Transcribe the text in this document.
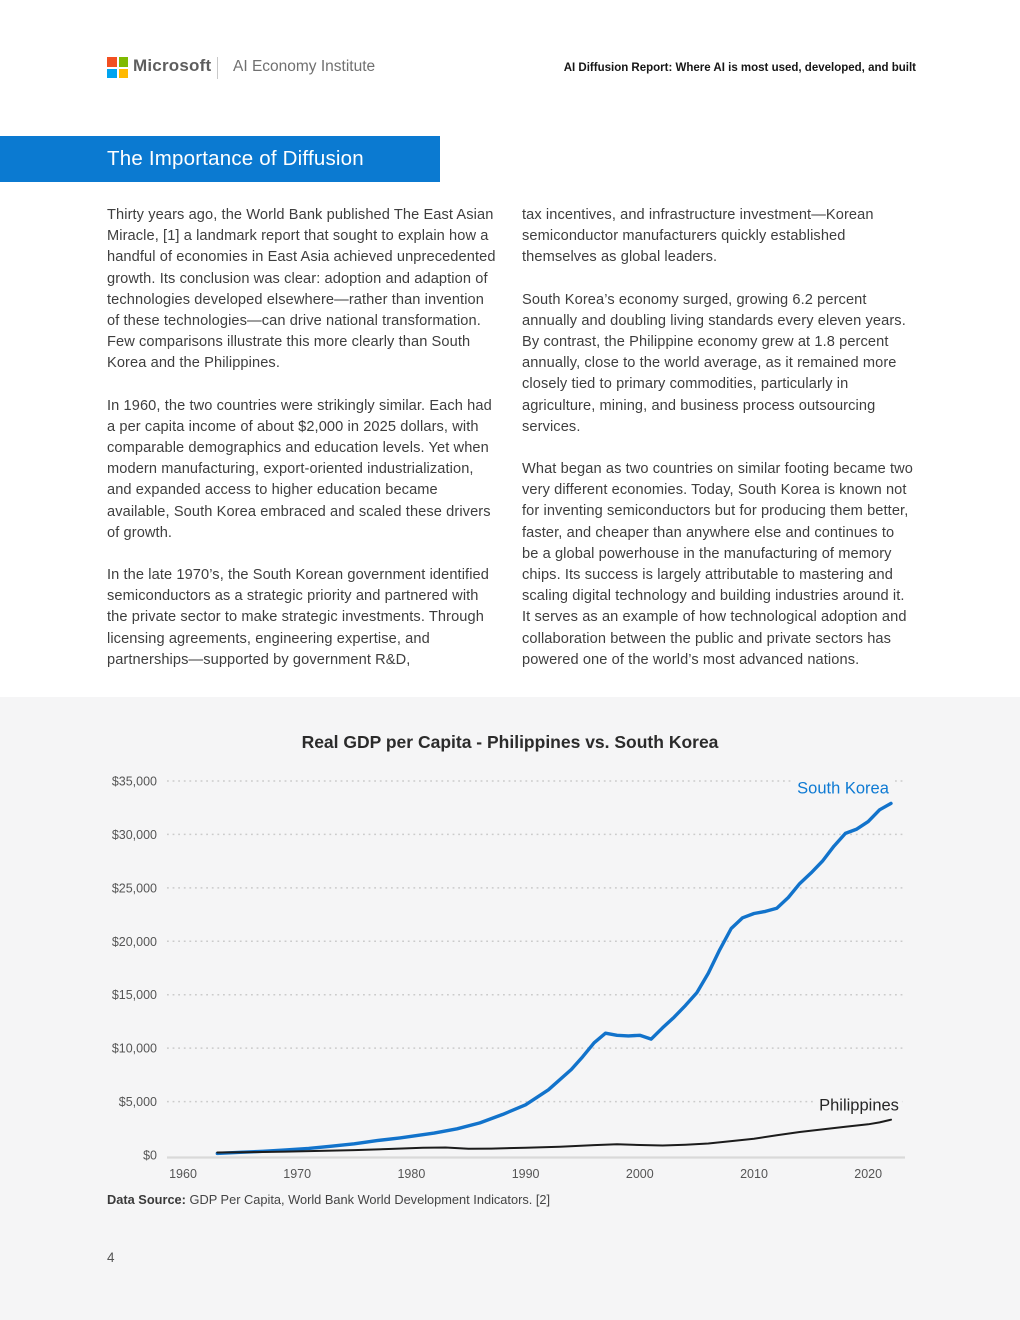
Microsoft AI Economy Institute	AI Diffusion Report: Where AI is most used, developed, and built
The Importance of Diffusion

Thirty years ago, the World Bank published The East Asian Miracle, [1] a landmark report that sought to explain how a handful of economies in East Asia achieved unprecedented growth. Its conclusion was clear: adoption and adaption of technologies developed elsewhere—rather than invention of these technologies—can drive national transformation. Few comparisons illustrate this more clearly than South Korea and the Philippines.

In 1960, the two countries were strikingly similar. Each had a per capita income of about $2,000 in 2025 dollars, with comparable demographics and education levels. Yet when modern manufacturing, export-oriented industrialization, and expanded access to higher education became available, South Korea embraced and scaled these drivers of growth.

In the late 1970’s, the South Korean government identified semiconductors as a strategic priority and partnered with the private sector to make strategic investments. Through licensing agreements, engineering expertise, and partnerships—supported by government R&D,

tax incentives, and infrastructure investment—Korean semiconductor manufacturers quickly established themselves as global leaders.

South Korea’s economy surged, growing 6.2 percent annually and doubling living standards every eleven years. By contrast, the Philippine economy grew at 1.8 percent annually, close to the world average, as it remained more closely tied to primary commodities, particularly in agriculture, mining, and business process outsourcing services.

What began as two countries on similar footing became two very different economies. Today, South Korea is known not for inventing semiconductors but for producing them better, faster, and cheaper than anywhere else and continues to be a global powerhouse in the manufacturing of memory chips. Its success is largely attributable to mastering and scaling digital technology and building industries around it. It serves as an example of how technological adoption and collaboration between the public and private sectors has powered one of the world’s most advanced nations.

Real GDP per Capita - Philippines vs. South Korea
$0
$5,000
$10,000
$15,000
$20,000
$25,000
$30,000
$35,000
1960	1970	1980	1990	2000	2010	2020
South Korea
Philippines
Data Source: GDP Per Capita, World Bank World Development Indicators. [2]
4
